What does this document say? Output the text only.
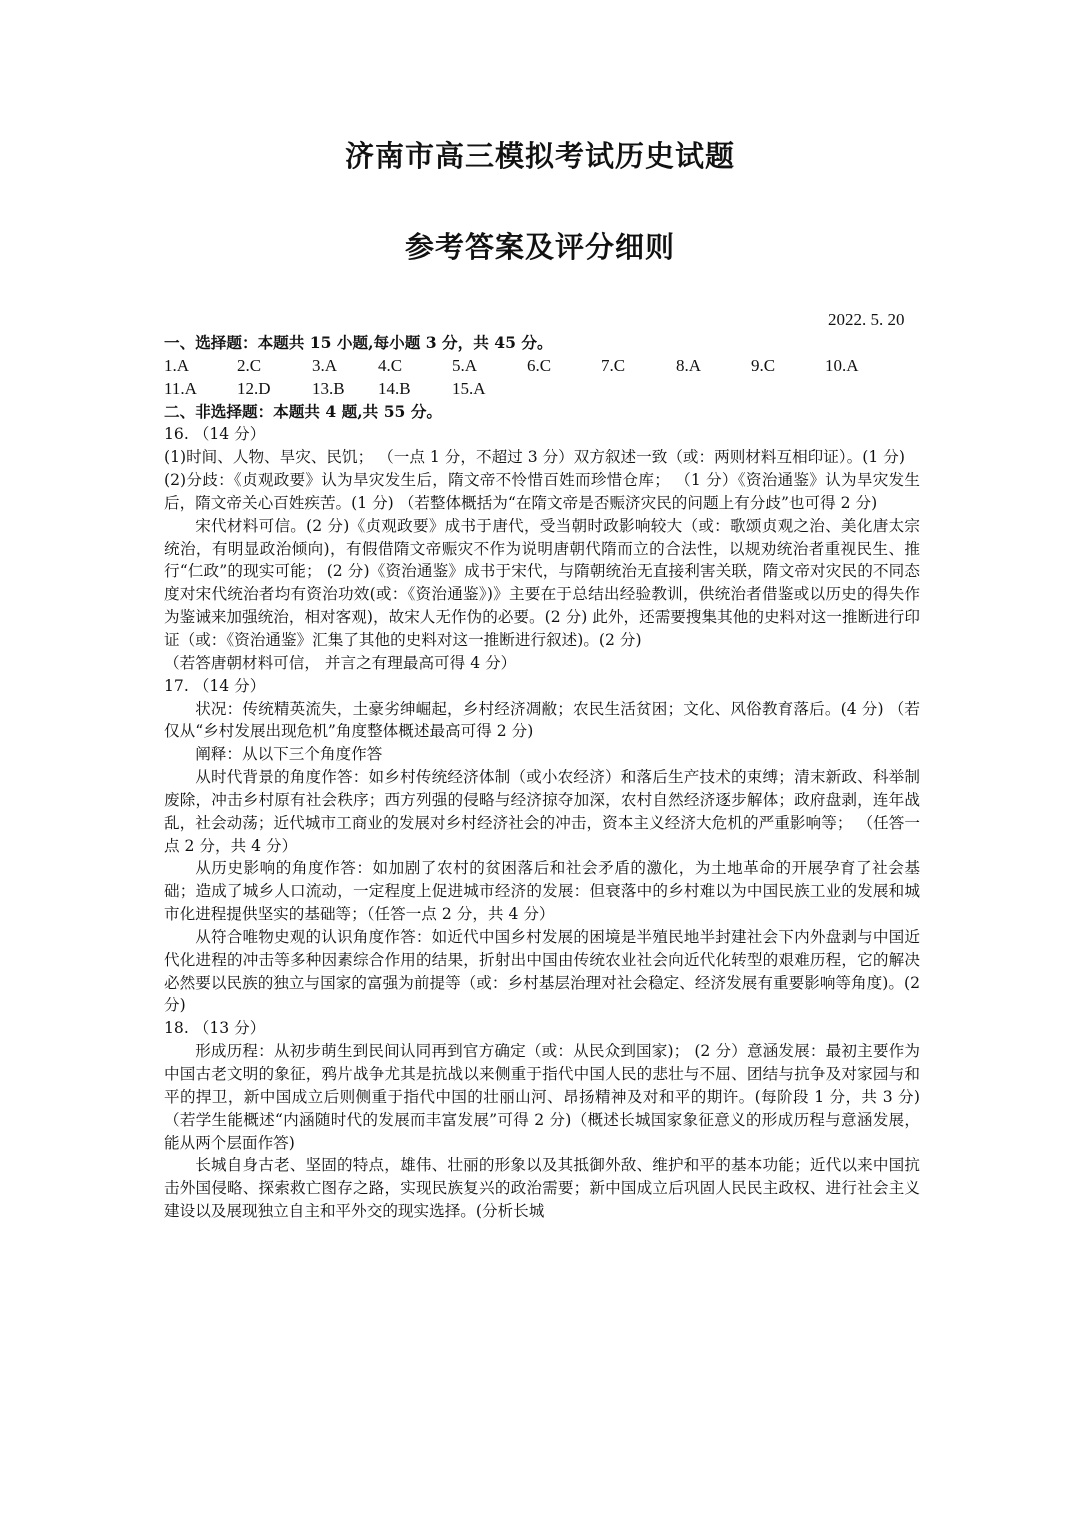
济南市高三模拟考试历史试题
参考答案及评分细则
2022. 5. 20

一、选择题：本题共 15 小题,每小题 3 分，共 45 分。

1.A	2.C	3.A	4.C	5.A	6.C	7.C	8.A	9.C	10.A
11.A	12.D	13.B	14.B	15.A

二、非选择题：本题共 4 题,共 55 分。

16. （14 分）

(1)时间、人物、旱灾、民饥； （一点 1 分，不超过 3 分）双方叙述一致（或：两则材料互相印证）。(1 分)

(2)分歧：《贞观政要》认为旱灾发生后，隋文帝不怜惜百姓而珍惜仓库； （1 分）《资治通鉴》认为旱灾发生后，隋文帝关心百姓疾苦。(1 分) （若整体概括为“在隋文帝是否赈济灾民的问题上有分歧”也可得 2 分)

宋代材料可信。(2 分)《贞观政要》成书于唐代，受当朝时政影响较大（或：歌颂贞观之治、美化唐太宗统治，有明显政治倾向)，有假借隋文帝赈灾不作为说明唐朝代隋而立的合法性，以规劝统治者重视民生、推行“仁政”的现实可能； (2 分)《资治通鉴》成书于宋代，与隋朝统治无直接利害关联，隋文帝对灾民的不同态度对宋代统治者均有资治功效(或：《资治通鉴》)》主要在于总结出经验教训，供统治者借鉴或以历史的得失作为鉴诫来加强统治，相对客观)，故宋人无作伪的必要。(2 分) 此外，还需要搜集其他的史料对这一推断进行印证（或：《资治通鉴》汇集了其他的史料对这一推断进行叙述)。(2 分)

（若答唐朝材料可信， 并言之有理最高可得 4 分）

17. （14 分）

状况：传统精英流失，土豪劣绅崛起，乡村经济凋敝；农民生活贫困；文化、风俗教育落后。(4 分) （若仅从“乡村发展出现危机”角度整体概述最高可得 2 分)

阐释：从以下三个角度作答

从时代背景的角度作答：如乡村传统经济体制（或小农经济）和落后生产技术的束缚；清末新政、科举制废除，冲击乡村原有社会秩序；西方列强的侵略与经济掠夺加深，农村自然经济逐步解体；政府盘剥，连年战乱，社会动荡；近代城市工商业的发展对乡村经济社会的冲击，资本主义经济大危机的严重影响等； （任答一点 2 分，共 4 分）

从历史影响的角度作答：如加剧了农村的贫困落后和社会矛盾的激化，为土地革命的开展孕育了社会基础；造成了城乡人口流动，一定程度上促进城市经济的发展：但衰落中的乡村难以为中国民族工业的发展和城市化进程提供坚实的基础等；（任答一点 2 分，共 4 分）

从符合唯物史观的认识角度作答：如近代中国乡村发展的困境是半殖民地半封建社会下内外盘剥与中国近代化进程的冲击等多种因素综合作用的结果，折射出中国由传统农业社会向近代化转型的艰难历程，它的解决必然要以民族的独立与国家的富强为前提等（或：乡村基层治理对社会稳定、经济发展有重要影响等角度)。(2 分)

18. （13 分）

形成历程：从初步萌生到民间认同再到官方确定（或：从民众到国家)； (2 分）意涵发展：最初主要作为中国古老文明的象征，鸦片战争尤其是抗战以来侧重于指代中国人民的悲壮与不屈、团结与抗争及对家园与和平的捍卫，新中国成立后则侧重于指代中国的壮丽山河、昂扬精神及对和平的期许。(每阶段 1 分，共 3 分)（若学生能概述“内涵随时代的发展而丰富发展”可得 2 分)（概述长城国家象征意义的形成历程与意涵发展，能从两个层面作答)

长城自身古老、坚固的特点，雄伟、壮丽的形象以及其抵御外敌、维护和平的基本功能；近代以来中国抗击外国侵略、探索救亡图存之路，实现民族复兴的政治需要；新中国成立后巩固人民民主政权、进行社会主义建设以及展现独立自主和平外交的现实选择。(分析长城
